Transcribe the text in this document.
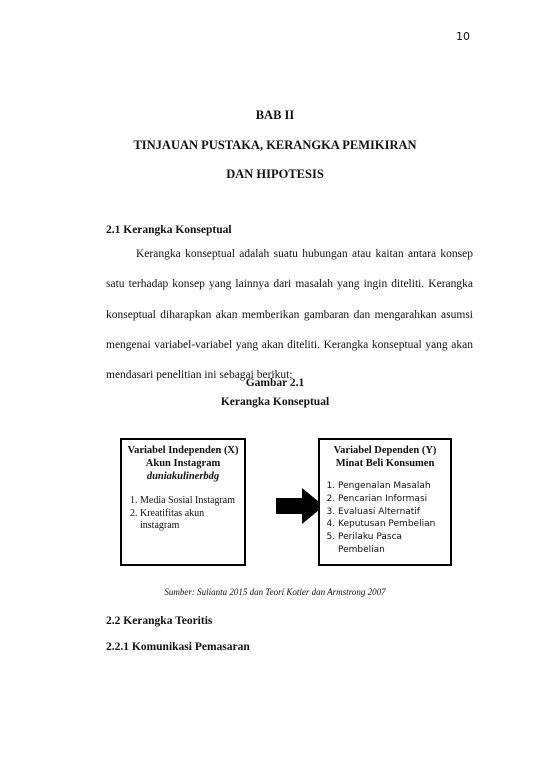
10
BAB II
TINJAUAN PUSTAKA, KERANGKA PEMIKIRAN
DAN HIPOTESIS
2.1 Kerangka Konseptual

Kerangka konseptual adalah suatu hubungan atau kaitan antara konsep satu terhadap konsep yang lainnya dari masalah yang ingin diteliti. Kerangka konseptual diharapkan akan memberikan gambaran dan mengarahkan asumsi mengenai variabel-variabel yang akan diteliti. Kerangka konseptual yang akan mendasari penelitian ini sebagai berikut:

Gambar 2.1
Kerangka Konseptual
Variabel Independen (X)
Akun Instagram
duniakulinerbdg
1. Media Sosial Instagram
2. Kreatifitas akun instagram
Variabel Dependen (Y)
Minat Beli Konsumen
1. Pengenalan Masalah
2. Pencarian Informasi
3. Evaluasi Alternatif
4. Keputusan Pembelian
5. Perilaku Pasca Pembelian
Sumber: Sulianta 2015 dan Teori Kotler dan Armstrong 2007
2.2 Kerangka Teoritis
2.2.1 Komunikasi Pemasaran
